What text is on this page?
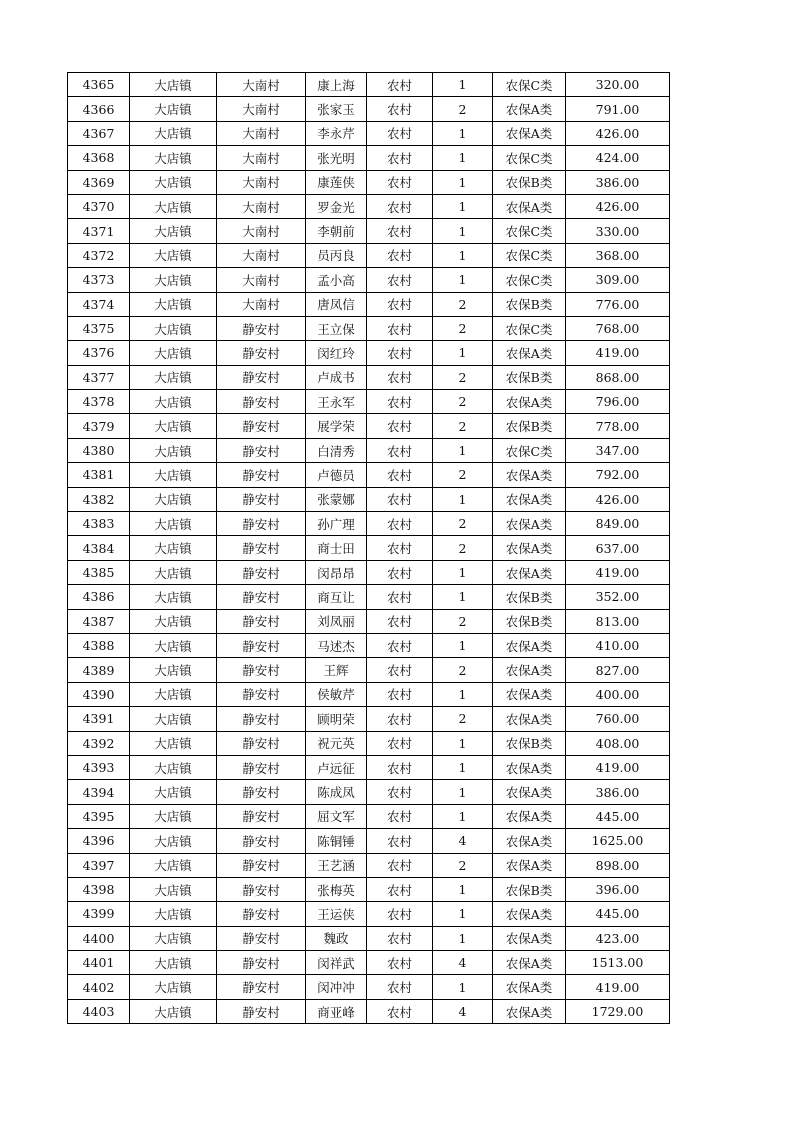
4365	大店镇	大南村	康上海	农村	1	农保C类	320.00
4366	大店镇	大南村	张家玉	农村	2	农保A类	791.00
4367	大店镇	大南村	李永芹	农村	1	农保A类	426.00
4368	大店镇	大南村	张光明	农村	1	农保C类	424.00
4369	大店镇	大南村	康莲侠	农村	1	农保B类	386.00
4370	大店镇	大南村	罗金光	农村	1	农保A类	426.00
4371	大店镇	大南村	李朝前	农村	1	农保C类	330.00
4372	大店镇	大南村	员丙良	农村	1	农保C类	368.00
4373	大店镇	大南村	孟小高	农村	1	农保C类	309.00
4374	大店镇	大南村	唐凤信	农村	2	农保B类	776.00
4375	大店镇	静安村	王立保	农村	2	农保C类	768.00
4376	大店镇	静安村	闵红玲	农村	1	农保A类	419.00
4377	大店镇	静安村	卢成书	农村	2	农保B类	868.00
4378	大店镇	静安村	王永军	农村	2	农保A类	796.00
4379	大店镇	静安村	展学荣	农村	2	农保B类	778.00
4380	大店镇	静安村	白清秀	农村	1	农保C类	347.00
4381	大店镇	静安村	卢德员	农村	2	农保A类	792.00
4382	大店镇	静安村	张蒙娜	农村	1	农保A类	426.00
4383	大店镇	静安村	孙广理	农村	2	农保A类	849.00
4384	大店镇	静安村	商士田	农村	2	农保A类	637.00
4385	大店镇	静安村	闵昂昂	农村	1	农保A类	419.00
4386	大店镇	静安村	商互让	农村	1	农保B类	352.00
4387	大店镇	静安村	刘凤丽	农村	2	农保B类	813.00
4388	大店镇	静安村	马述杰	农村	1	农保A类	410.00
4389	大店镇	静安村	王辉	农村	2	农保A类	827.00
4390	大店镇	静安村	侯敏芹	农村	1	农保A类	400.00
4391	大店镇	静安村	顾明荣	农村	2	农保A类	760.00
4392	大店镇	静安村	祝元英	农村	1	农保B类	408.00
4393	大店镇	静安村	卢远征	农村	1	农保A类	419.00
4394	大店镇	静安村	陈成凤	农村	1	农保A类	386.00
4395	大店镇	静安村	屈文军	农村	1	农保A类	445.00
4396	大店镇	静安村	陈铜锤	农村	4	农保A类	1625.00
4397	大店镇	静安村	王艺涵	农村	2	农保A类	898.00
4398	大店镇	静安村	张梅英	农村	1	农保B类	396.00
4399	大店镇	静安村	王运侠	农村	1	农保A类	445.00
4400	大店镇	静安村	魏政	农村	1	农保A类	423.00
4401	大店镇	静安村	闵祥武	农村	4	农保A类	1513.00
4402	大店镇	静安村	闵冲冲	农村	1	农保A类	419.00
4403	大店镇	静安村	商亚峰	农村	4	农保A类	1729.00
